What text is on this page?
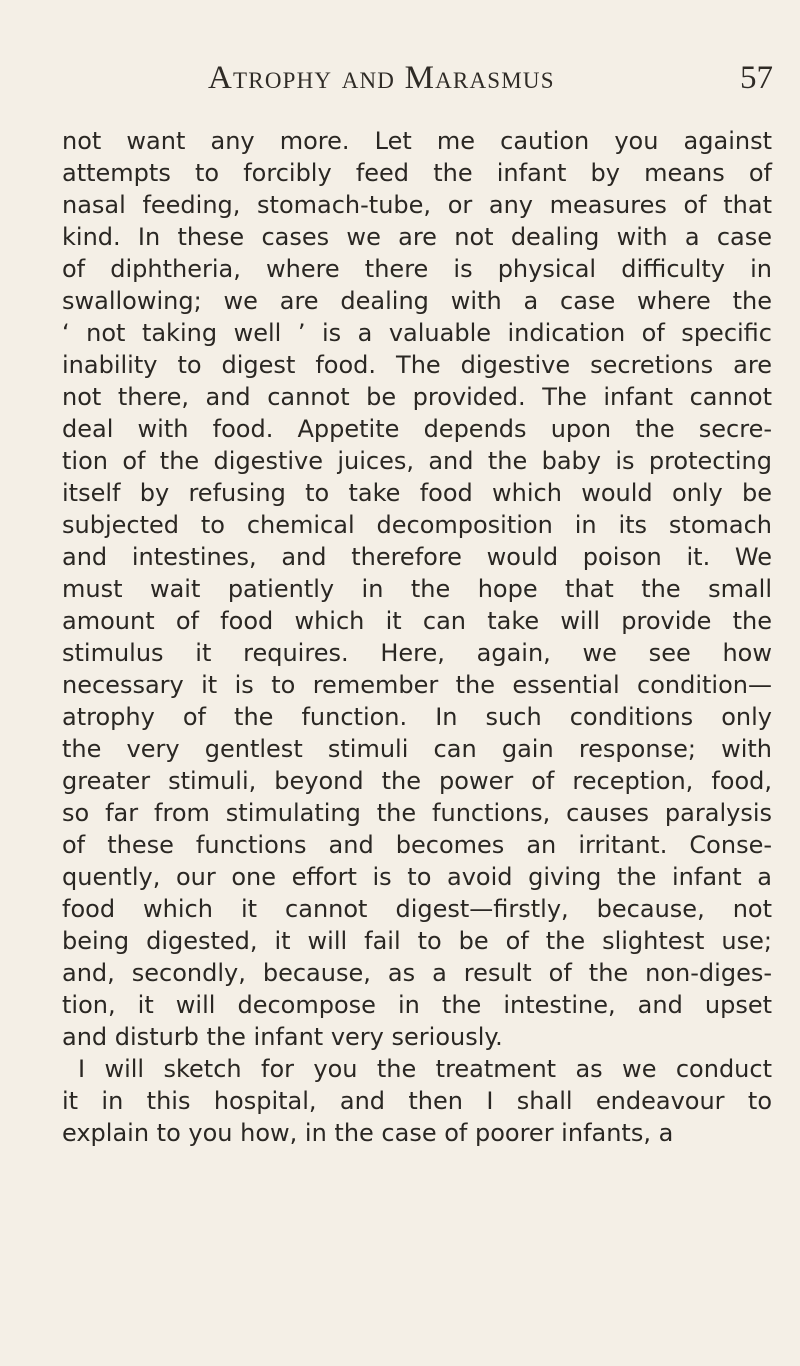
Atrophy and Marasmus	57
not want any more. Let me caution you against
attempts to forcibly feed the infant by means of
nasal feeding, stomach-tube, or any measures of that
kind. In these cases we are not dealing with a case
of diphtheria, where there is physical difficulty in
swallowing; we are dealing with a case where the
‘ not taking well ’ is a valuable indication of specific
inability to digest food. The digestive secretions are
not there, and cannot be provided. The infant cannot
deal with food. Appetite depends upon the secre-
tion of the digestive juices, and the baby is protecting
itself by refusing to take food which would only be
subjected to chemical decomposition in its stomach
and intestines, and therefore would poison it. We
must wait patiently in the hope that the small
amount of food which it can take will provide the
stimulus it requires. Here, again, we see how
necessary it is to remember the essential condition—
atrophy of the function. In such conditions only
the very gentlest stimuli can gain response; with
greater stimuli, beyond the power of reception, food,
so far from stimulating the functions, causes paralysis
of these functions and becomes an irritant. Conse-
quently, our one effort is to avoid giving the infant a
food which it cannot digest—firstly, because, not
being digested, it will fail to be of the slightest use;
and, secondly, because, as a result of the non-diges-
tion, it will decompose in the intestine, and upset
and disturb the infant very seriously.
I will sketch for you the treatment as we conduct
it in this hospital, and then I shall endeavour to
explain to you how, in the case of poorer infants, a
